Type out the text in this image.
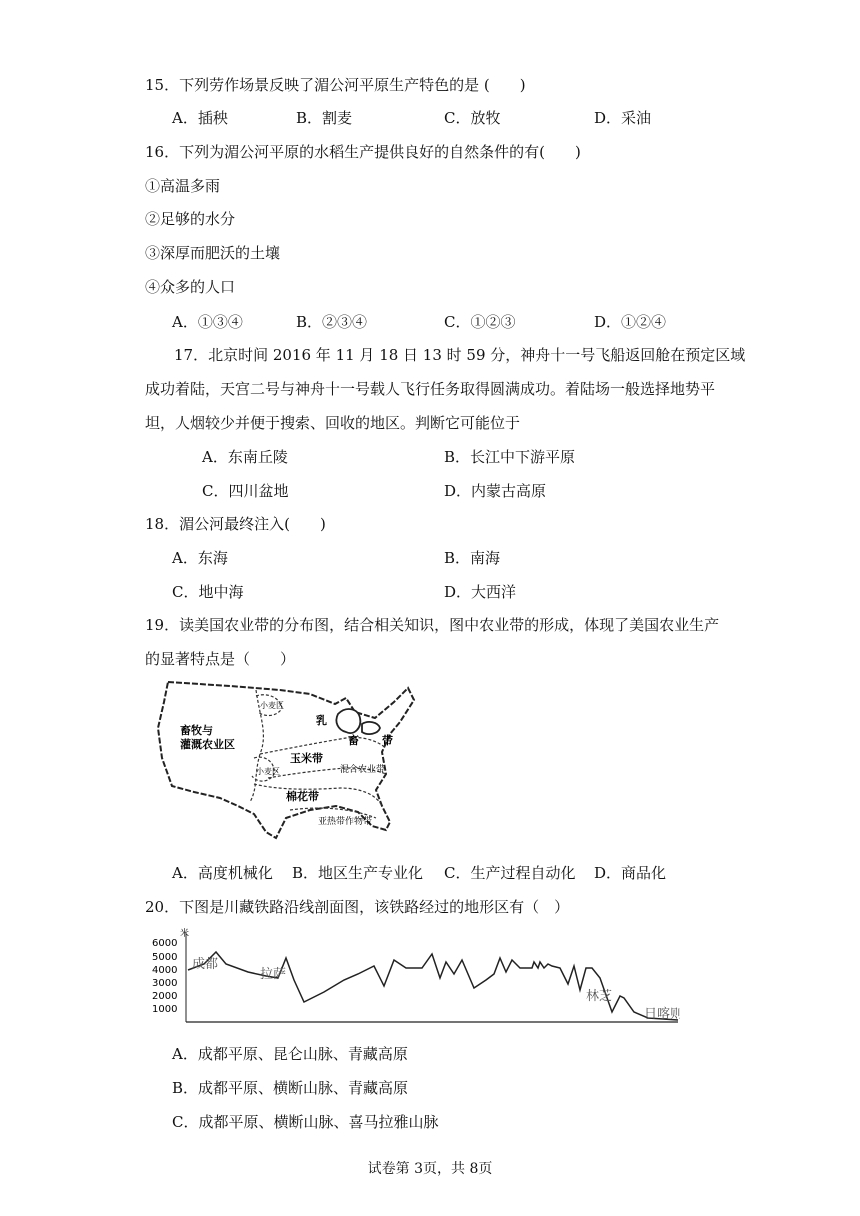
15．下列劳作场景反映了湄公河平原生产特色的是 (　　)
A．插秧	B．割麦	C．放牧	D．采油
16．下列为湄公河平原的水稻生产提供良好的自然条件的有(　　)
①高温多雨
②足够的水分
③深厚而肥沃的土壤
④众多的人口
A．①③④	B．②③④	C．①②③	D．①②④
17．北京时间 2016 年 11 月 18 日 13 时 59 分，神舟十一号飞船返回舱在预定区域
成功着陆，天宫二号与神舟十一号载人飞行任务取得圆满成功。着陆场一般选择地势平
坦，人烟较少并便于搜索、回收的地区。判断它可能位于
A．东南丘陵	B．长江中下游平原
C．四川盆地	D．内蒙古高原
18．湄公河最终注入(　　)
A．东海	B．南海
C．地中海	D．大西洋
19．读美国农业带的分布图，结合相关知识，图中农业带的形成，体现了美国农业生产
的显著特点是（　　）
畜牧与
灌溉农业区
小麦区
乳
畜 带
玉米带
混合农业带
小麦区
棉花带
亚热带作物带
A．高度机械化 B．地区生产专业化 C．生产过程自动化 D．商品化
20．下图是川藏铁路沿线剖面图，该铁路经过的地形区有（　）
米
6000
5000
4000
3000
2000
1000
成都
拉萨
林芝
日喀则
A．成都平原、昆仑山脉、青藏高原
B．成都平原、横断山脉、青藏高原
C．成都平原、横断山脉、喜马拉雅山脉
试卷第 3页，共 8页
